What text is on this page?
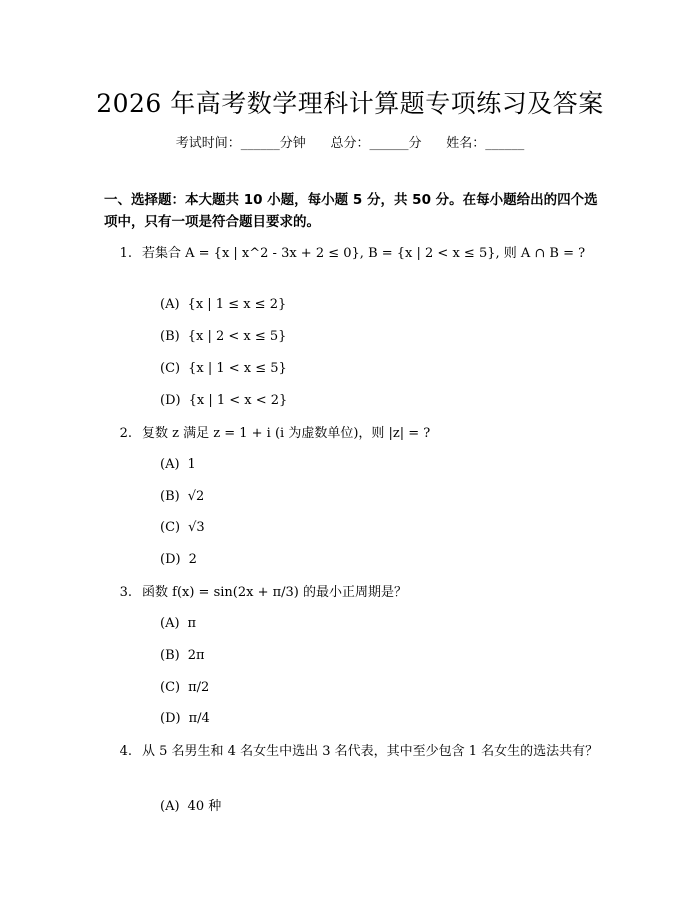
2026 年高考数学理科计算题专项练习及答案
考试时间：______分钟      总分：______分      姓名：______
一、选择题：本大题共 10 小题，每小题 5 分，共 50 分。在每小题给出的四个选项中，只有一项是符合题目要求的。
1. 若集合 A = {x | x^2 - 3x + 2 ≤ 0}, B = {x | 2 < x ≤ 5}, 则 A ∩ B = ?
(A) {x | 1 ≤ x ≤ 2}
(B) {x | 2 < x ≤ 5}
(C) {x | 1 < x ≤ 5}
(D) {x | 1 < x < 2}
2. 复数 z 满足 z = 1 + i (i 为虚数单位)，则 |z| = ?
(A) 1
(B) √2
(C) √3
(D) 2
3. 函数 f(x) = sin(2x + π/3) 的最小正周期是？
(A) π
(B) 2π
(C) π/2
(D) π/4
4. 从 5 名男生和 4 名女生中选出 3 名代表，其中至少包含 1 名女生的选法共有？
(A) 40 种
